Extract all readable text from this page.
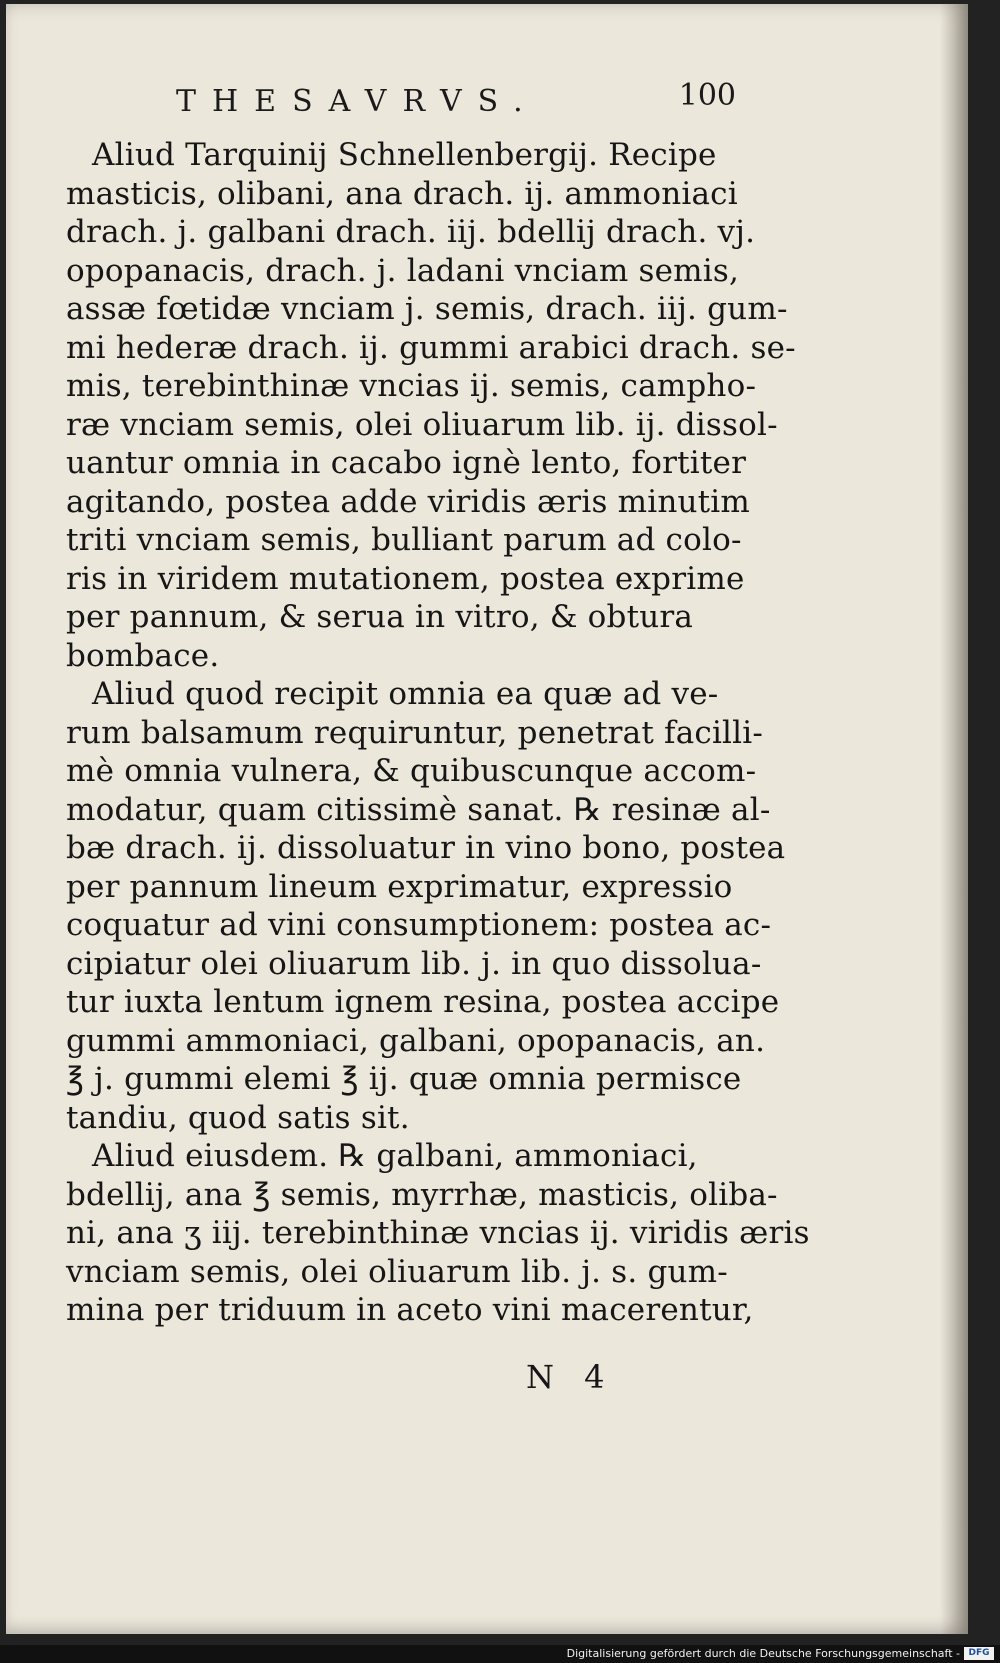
THESAVRVS.	100
Aliud Tarquinij Schnellenbergij. Recipe
masticis, olibani, ana drach. ij. ammoniaci
drach. j. galbani drach. iij. bdellij drach. vj.
opopanacis, drach. j. ladani vnciam semis,
assæ fœtidæ vnciam j. semis, drach. iij. gum-
mi hederæ drach. ij. gummi arabici drach. se-
mis, terebinthinæ vncias ij. semis, campho-
ræ vnciam semis, olei oliuarum lib. ij. dissol-
uantur omnia in cacabo ignè lento, fortiter
agitando, postea adde viridis æris minutim
triti vnciam semis, bulliant parum ad colo-
ris in viridem mutationem, postea exprime
per pannum, & serua in vitro, & obtura
bombace.
Aliud quod recipit omnia ea quæ ad ve-
rum balsamum requiruntur, penetrat facilli-
mè omnia vulnera, & quibuscunque accom-
modatur, quam citissimè sanat. ℞ resinæ al-
bæ drach. ij. dissoluatur in vino bono, postea
per pannum lineum exprimatur, expressio
coquatur ad vini consumptionem: postea ac-
cipiatur olei oliuarum lib. j. in quo dissolua-
tur iuxta lentum ignem resina, postea accipe
gummi ammoniaci, galbani, opopanacis, an.
℥ j. gummi elemi ℥ ij. quæ omnia permisce
tandiu, quod satis sit.
Aliud eiusdem. ℞ galbani, ammoniaci,
bdellij, ana ℥ semis, myrrhæ, masticis, oliba-
ni, ana ʒ iij. terebinthinæ vncias ij. viridis æris
vnciam semis, olei oliuarum lib. j. s. gum-
mina per triduum in aceto vini macerentur,
N 4
Digitalisierung gefördert durch die Deutsche Forschungsgemeinschaft - DFG
